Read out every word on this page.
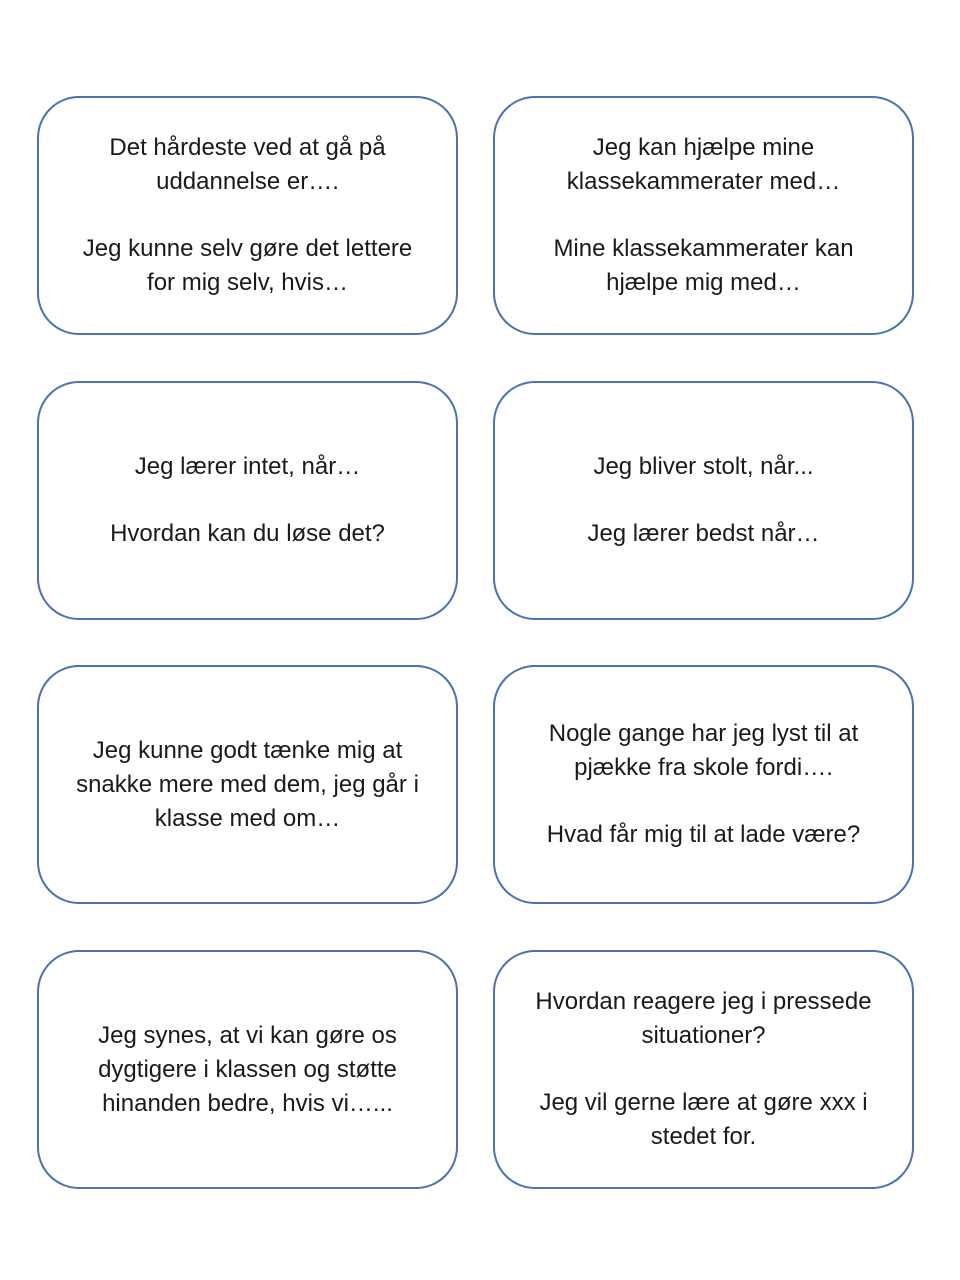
Det hårdeste ved at gå på uddannelse er….

Jeg kunne selv gøre det lettere for mig selv, hvis…

Jeg kan hjælpe mine klassekammerater med…

Mine klassekammerater kan hjælpe mig med…

Jeg lærer intet, når…

Hvordan kan du løse det?

Jeg bliver stolt, når...

Jeg lærer bedst når…

Jeg kunne godt tænke mig at snakke mere med dem, jeg går i klasse med om…

Nogle gange har jeg lyst til at pjække fra skole fordi….

Hvad får mig til at lade være?

Jeg synes, at vi kan gøre os dygtigere i klassen og støtte hinanden bedre, hvis vi…...

Hvordan reagere jeg i pressede situationer?

Jeg vil gerne lære at gøre xxx i stedet for.
